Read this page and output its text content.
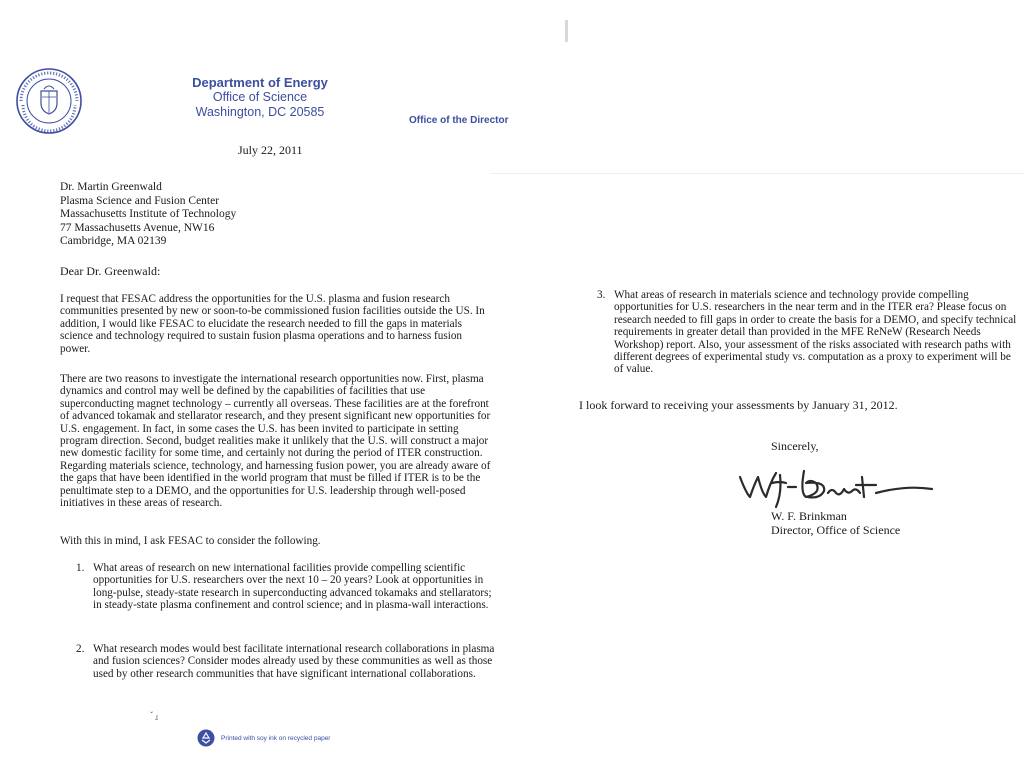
Department of Energy
Office of Science
Washington, DC 20585
Office of the Director
July 22, 2011
Dr. Martin Greenwald
Plasma Science and Fusion Center
Massachusetts Institute of Technology
77 Massachusetts Avenue, NW16
Cambridge, MA 02139
Dear Dr. Greenwald:
I request that FESAC address the opportunities for the U.S. plasma and fusion research communities presented by new or soon-to-be commissioned fusion facilities outside the US. In addition, I would like FESAC to elucidate the research needed to fill the gaps in materials science and technology required to sustain fusion plasma operations and to harness fusion power.
There are two reasons to investigate the international research opportunities now. First, plasma dynamics and control may well be defined by the capabilities of facilities that use superconducting magnet technology – currently all overseas. These facilities are at the forefront of advanced tokamak and stellarator research, and they present significant new opportunities for U.S. engagement. In fact, in some cases the U.S. has been invited to participate in setting program direction. Second, budget realities make it unlikely that the U.S. will construct a major new domestic facility for some time, and certainly not during the period of ITER construction. Regarding materials science, technology, and harnessing fusion power, you are already aware of the gaps that have been identified in the world program that must be filled if ITER is to be the penultimate step to a DEMO, and the opportunities for U.S. leadership through well-posed initiatives in these areas of research.
With this in mind, I ask FESAC to consider the following.
1. What areas of research on new international facilities provide compelling scientific opportunities for U.S. researchers over the next 10 – 20 years? Look at opportunities in long-pulse, steady-state research in superconducting advanced tokamaks and stellarators; in steady-state plasma confinement and control science; and in plasma-wall interactions.
2. What research modes would best facilitate international research collaborations in plasma and fusion sciences? Consider modes already used by these communities as well as those used by other research communities that have significant international collaborations.
3. What areas of research in materials science and technology provide compelling opportunities for U.S. researchers in the near term and in the ITER era? Please focus on research needed to fill gaps in order to create the basis for a DEMO, and specify technical requirements in greater detail than provided in the MFE ReNeW (Research Needs Workshop) report. Also, your assessment of the risks associated with research paths with different degrees of experimental study vs. computation as a proxy to experiment will be of value.
I look forward to receiving your assessments by January 31, 2012.
Sincerely,
W. F. Brinkman
Director, Office of Science
Printed with soy ink on recycled paper
ˇ ɹ
